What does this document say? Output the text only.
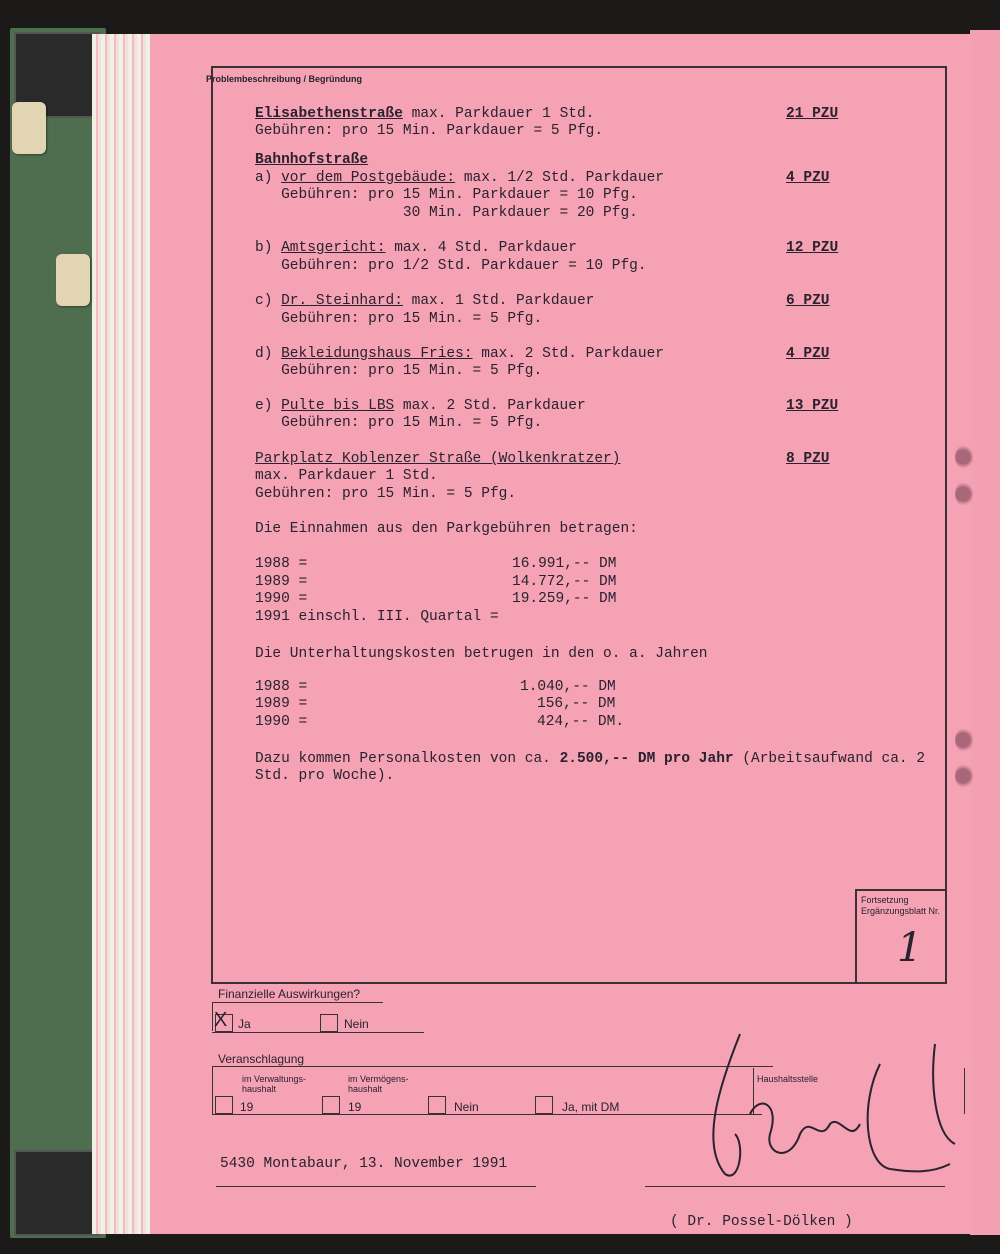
Problembeschreibung / Begründung
Elisabethenstraße max. Parkdauer 1 Std.	21 PZU
Gebühren: pro 15 Min. Parkdauer = 5 Pfg.
Bahnhofstraße
a) vor dem Postgebäude: max. 1/2 Std. Parkdauer	4 PZU
Gebühren: pro 15 Min. Parkdauer = 10 Pfg.
30 Min. Parkdauer = 20 Pfg.
b) Amtsgericht: max. 4 Std. Parkdauer	12 PZU
Gebühren: pro 1/2 Std. Parkdauer = 10 Pfg.
c) Dr. Steinhard: max. 1 Std. Parkdauer	6 PZU
Gebühren: pro 15 Min. = 5 Pfg.
d) Bekleidungshaus Fries: max. 2 Std. Parkdauer	4 PZU
Gebühren: pro 15 Min. = 5 Pfg.
e) Pulte bis LBS max. 2 Std. Parkdauer	13 PZU
Gebühren: pro 15 Min. = 5 Pfg.
Parkplatz Koblenzer Straße (Wolkenkratzer)	8 PZU
max. Parkdauer 1 Std.
Gebühren: pro 15 Min. = 5 Pfg.
Die Einnahmen aus den Parkgebühren betragen:
1988 =	16.991,-- DM
1989 =	14.772,-- DM
1990 =	19.259,-- DM
1991 einschl. III. Quartal =
Die Unterhaltungskosten betrugen in den o. a. Jahren
1988 =	1.040,-- DM
1989 =	156,-- DM
1990 =	424,-- DM.
Dazu kommen Personalkosten von ca. 2.500,-- DM pro Jahr (Arbeitsaufwand ca. 2
Std. pro Woche).
Fortsetzung Ergänzungsblatt Nr.
1
Finanzielle Auswirkungen?
X Ja	Nein
Veranschlagung
im Verwaltungs- haushalt
im Vermögens- haushalt
19	19	Nein	Ja, mit DM
Haushaltsstelle
5430 Montabaur, 13. November 1991
( Dr. Possel-Dölken )
